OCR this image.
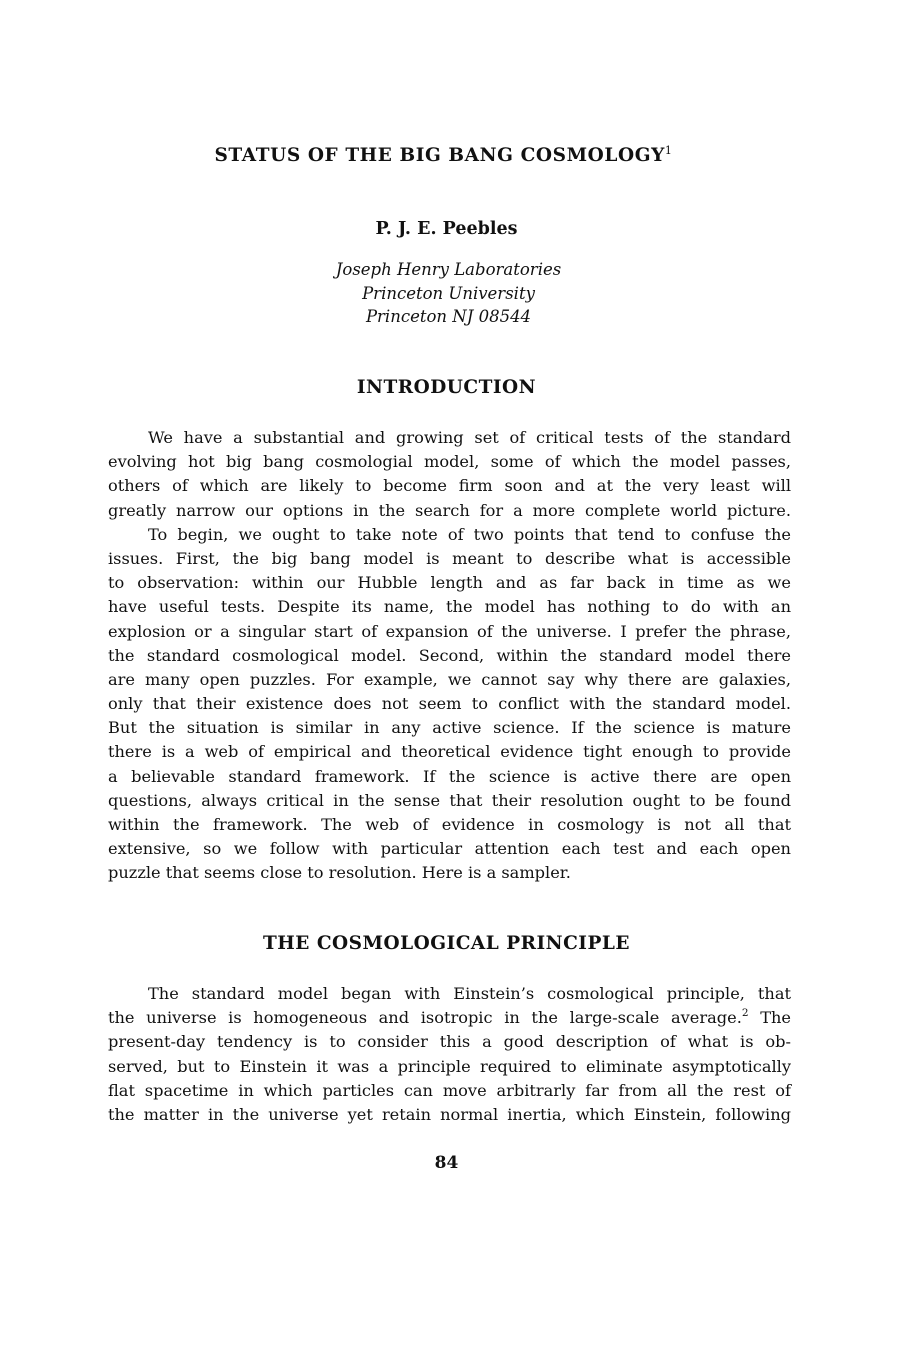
STATUS OF THE BIG BANG COSMOLOGY$^1$
P. J. E. Peebles
Joseph Henry Laboratories
Princeton University
Princeton NJ 08544
INTRODUCTION
We have a substantial and growing set of critical tests of the standard
evolving hot big bang cosmologial model, some of which the model passes,
others of which are likely to become firm soon and at the very least will
greatly narrow our options in the search for a more complete world picture.
To begin, we ought to take note of two points that tend to confuse the
issues. First, the big bang model is meant to describe what is accessible
to observation: within our Hubble length and as far back in time as we
have useful tests. Despite its name, the model has nothing to do with an
explosion or a singular start of expansion of the universe. I prefer the phrase,
the standard cosmological model. Second, within the standard model there
are many open puzzles. For example, we cannot say why there are galaxies,
only that their existence does not seem to conflict with the standard model.
But the situation is similar in any active science. If the science is mature
there is a web of empirical and theoretical evidence tight enough to provide
a believable standard framework. If the science is active there are open
questions, always critical in the sense that their resolution ought to be found
within the framework. The web of evidence in cosmology is not all that
extensive, so we follow with particular attention each test and each open
puzzle that seems close to resolution. Here is a sampler.
THE COSMOLOGICAL PRINCIPLE
The standard model began with Einstein’s cosmological principle, that
the universe is homogeneous and isotropic in the large-scale average.$^2$ The
present-day tendency is to consider this a good description of what is ob-
served, but to Einstein it was a principle required to eliminate asymptotically
flat spacetime in which particles can move arbitrarly far from all the rest of
the matter in the universe yet retain normal inertia, which Einstein, following
84
